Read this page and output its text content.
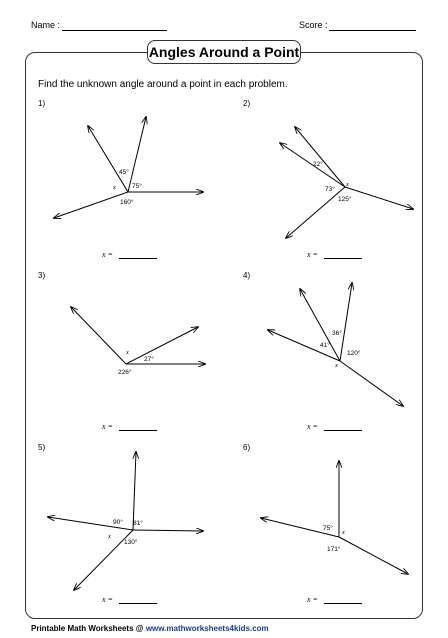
Name :	Score :
Angles Around a Point
Find the unknown angle around a point in each problem.
1)	2)
3)	4)
5)	6)
x =	x =
x =	x =
x =	x =
45°
75°
160°
x
22°
73°
125°
x
27°
226°
x
36°
41°
120°
x
90° 81°
130°
x
75°
171°
x
Printable Math Worksheets @ www.mathworksheets4kids.com
